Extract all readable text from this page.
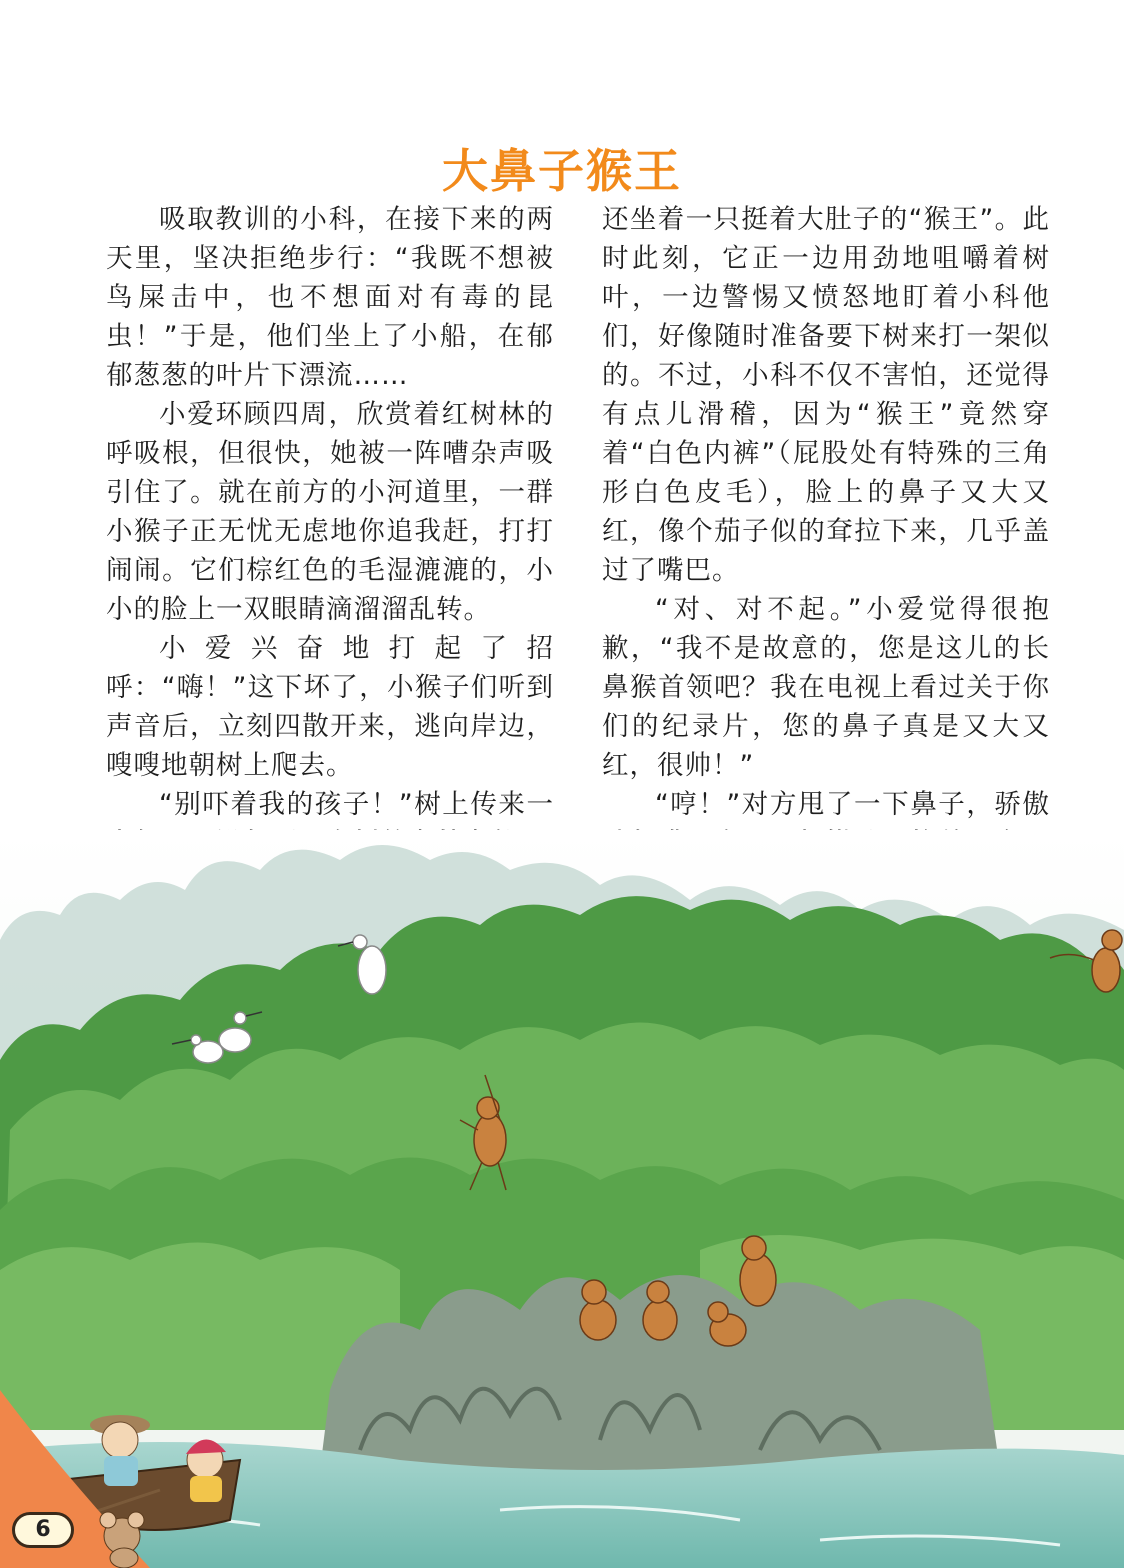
大鼻子猴王

吸取教训的小科，在接下来的两天里，坚决拒绝步行：“我既不想被鸟屎击中，也不想面对有毒的昆虫！”于是，他们坐上了小船，在郁郁葱葱的叶片下漂流……

小爱环顾四周，欣赏着红树林的呼吸根，但很快，她被一阵嘈杂声吸引住了。就在前方的小河道里，一群小猴子正无忧无虑地你追我赶，打打闹闹。它们棕红色的毛湿漉漉的，小小的脸上一双眼睛滴溜溜乱转。

小爱兴奋地打起了招呼：“嗨！”这下坏了，小猴子们听到声音后，立刻四散开来，逃向岸边，嗖嗖地朝树上爬去。

“别吓着我的孩子！”树上传来一

还坐着一只挺着大肚子的“猴王”。此时此刻，它正一边用劲地咀嚼着树叶，一边警惕又愤怒地盯着小科他们，好像随时准备要下树来打一架似的。不过，小科不仅不害怕，还觉得有点儿滑稽，因为“猴王”竟然穿着“白色内裤”（屁股处有特殊的三角形白色皮毛），脸上的鼻子又大又红，像个茄子似的耷拉下来，几乎盖过了嘴巴。

“对、对不起。”小爱觉得很抱歉，“我不是故意的，您是这儿的长鼻猴首领吧？我在电视上看过关于你们的纪录片，您的鼻子真是又大又红，很帅！”

“哼！”对方甩了一下鼻子，骄傲

6
